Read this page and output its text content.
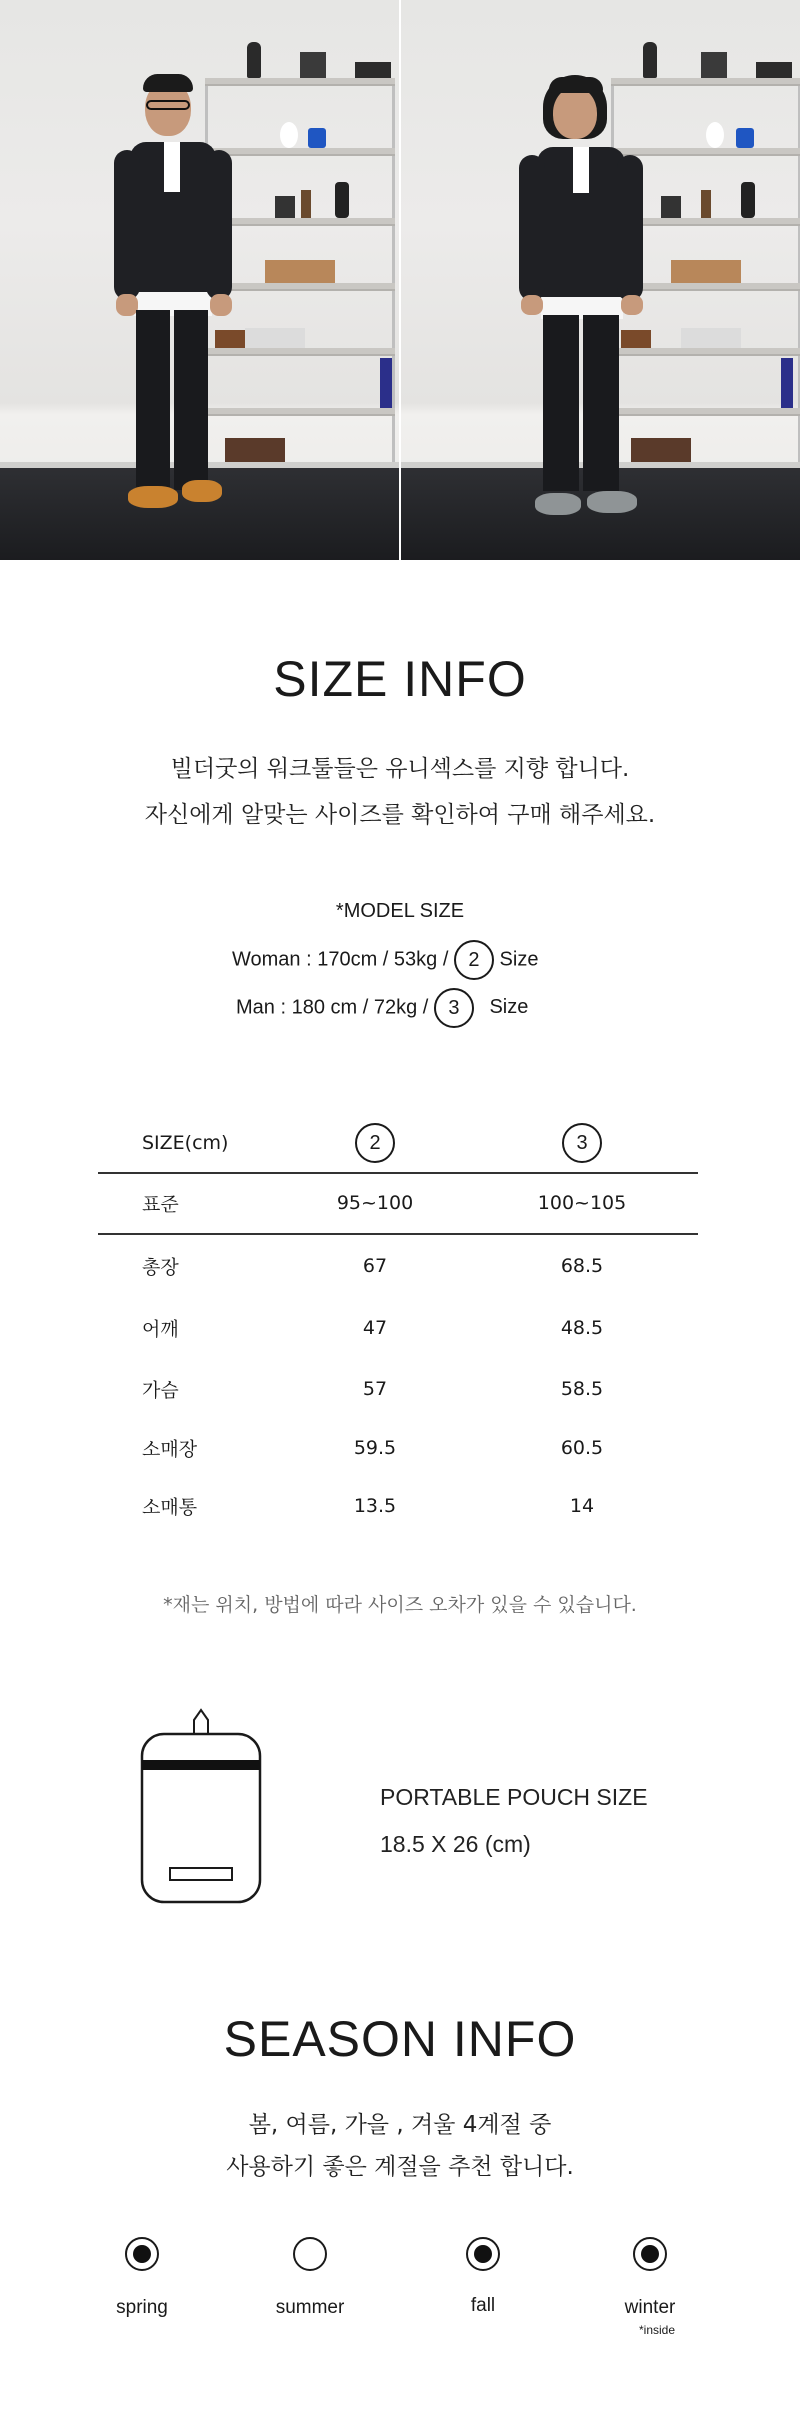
SIZE INFO
빌더굿의 워크툴들은 유니섹스를 지향 합니다.
자신에게 알맞는 사이즈를 확인하여 구매 해주세요.
*MODEL SIZE
Woman : 170cm / 53kg / 2 Size
Man : 180 cm / 72kg / 3 Size
SIZE(cm)	2	3
표준	95~100	100~105
총장	67	68.5
어깨	47	48.5
가슴	57	58.5
소매장	59.5	60.5
소매통	13.5	14
*재는 위치, 방법에 따라 사이즈 오차가 있을 수 있습니다.
PORTABLE POUCH SIZE
18.5 X 26 (cm)
SEASON INFO
봄, 여름, 가을 , 겨울 4계절 중
사용하기 좋은 계절을 추천 합니다.
spring	summer	fall	winter
*inside
